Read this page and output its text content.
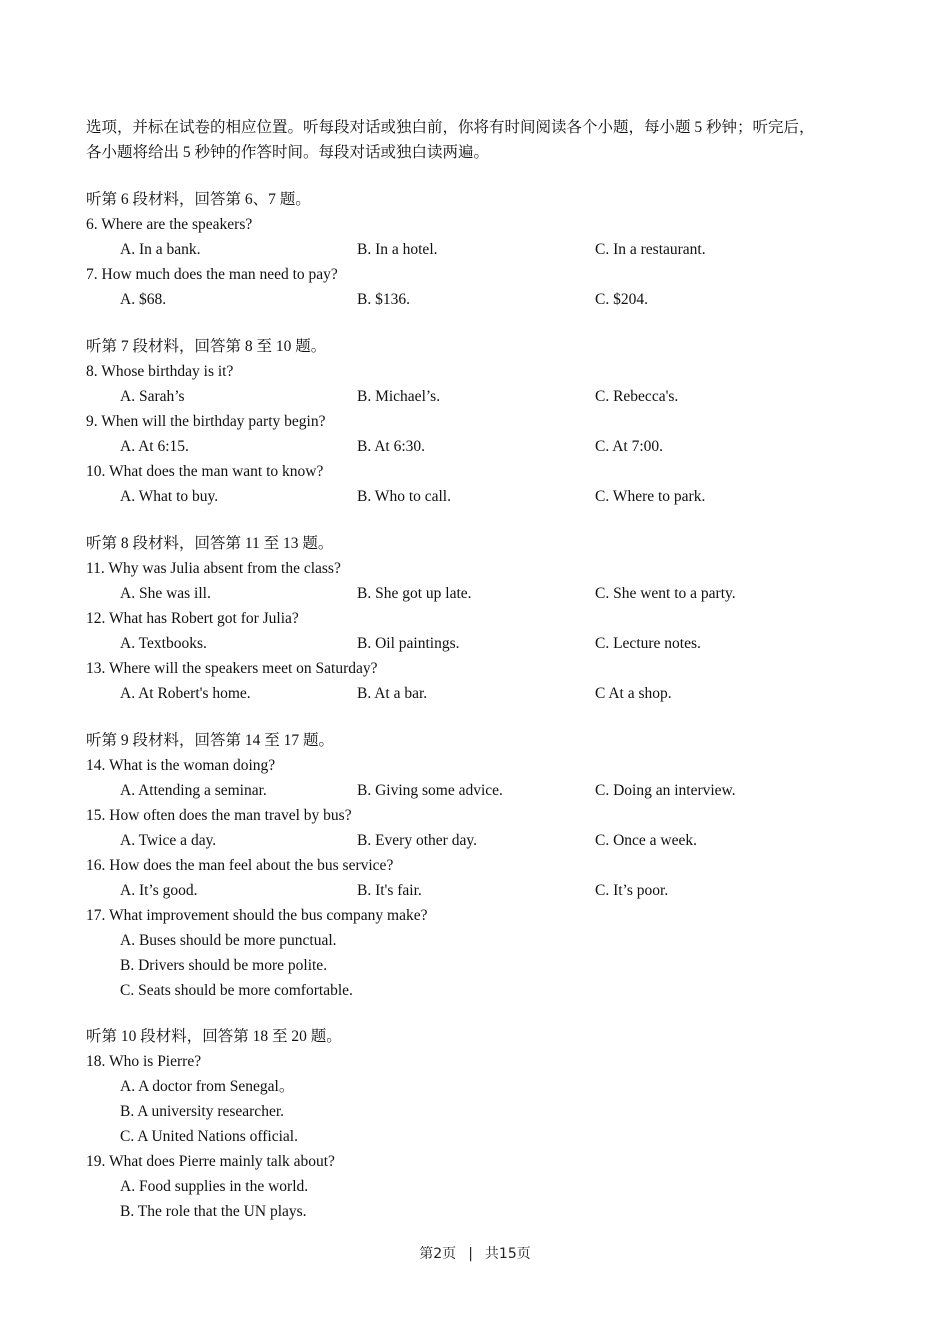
选项，并标在试卷的相应位置。听每段对话或独白前，你将有时间阅读各个小题，每小题 5 秒钟；听完后，

各小题将给出 5 秒钟的作答时间。每段对话或独白读两遍。

听第 6 段材料，回答第 6、7 题。
6. Where are the speakers?
A. In a bank.	B. In a hotel.	C. In a restaurant.
7. How much does the man need to pay?
A. $68.	B. $136.	C. $204.
听第 7 段材料，回答第 8 至 10 题。
8. Whose birthday is it?
A. Sarah’s	B. Michael’s.	C. Rebecca's.
9. When will the birthday party begin?
A. At 6:15.	B. At 6:30.	C. At 7:00.
10. What does the man want to know?
A. What to buy.	B. Who to call.	C. Where to park.
听第 8 段材料，回答第 11 至 13 题。
11. Why was Julia absent from the class?
A. She was ill.	B. She got up late.	C. She went to a party.
12. What has Robert got for Julia?
A. Textbooks.	B. Oil paintings.	C. Lecture notes.
13. Where will the speakers meet on Saturday?
A. At Robert's home.	B. At a bar.	C At a shop.
听第 9 段材料，回答第 14 至 17 题。
14. What is the woman doing?
A. Attending a seminar.	B. Giving some advice.	C. Doing an interview.
15. How often does the man travel by bus?
A. Twice a day.	B. Every other day.	C. Once a week.
16. How does the man feel about the bus service?
A. It’s good.	B. It's fair.	C. It’s poor.
17. What improvement should the bus company make?
A. Buses should be more punctual.
B. Drivers should be more polite.
C. Seats should be more comfortable.
听第 10 段材料，回答第 18 至 20 题。
18. Who is Pierre?
A. A doctor from Senegal。
B. A university researcher.
C. A United Nations official.
19. What does Pierre mainly talk about?
A. Food supplies in the world.
B. The role that the UN plays.
第2页 | 共15页
